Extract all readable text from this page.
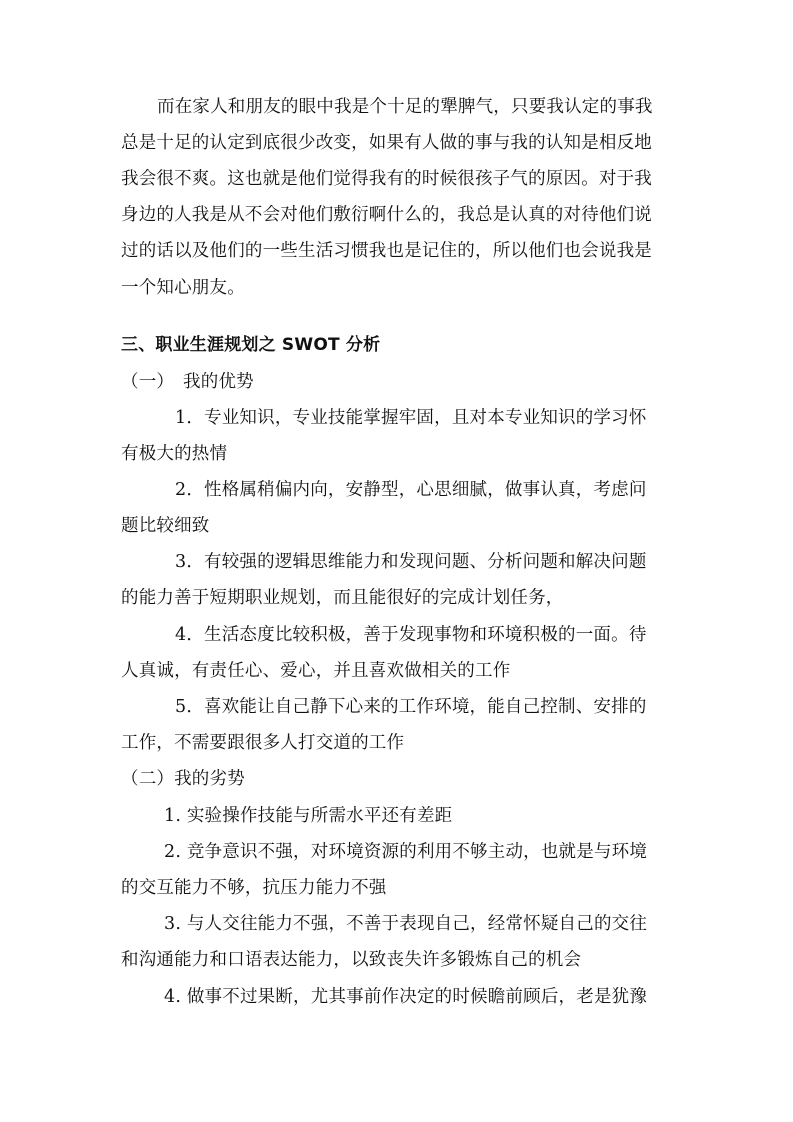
而在家人和朋友的眼中我是个十足的犟脾气，只要我认定的事我
总是十足的认定到底很少改变，如果有人做的事与我的认知是相反地
我会很不爽。这也就是他们觉得我有的时候很孩子气的原因。对于我
身边的人我是从不会对他们敷衍啊什么的，我总是认真的对待他们说
过的话以及他们的一些生活习惯我也是记住的，所以他们也会说我是
一个知心朋友。
三、职业生涯规划之 SWOT 分析
（一）　我的优势
1．专业知识，专业技能掌握牢固，且对本专业知识的学习怀
有极大的热情
2．性格属稍偏内向，安静型，心思细腻，做事认真，考虑问
题比较细致
3．有较强的逻辑思维能力和发现问题、分析问题和解决问题
的能力善于短期职业规划，而且能很好的完成计划任务，
4．生活态度比较积极，善于发现事物和环境积极的一面。待
人真诚，有责任心、爱心，并且喜欢做相关的工作
5．喜欢能让自己静下心来的工作环境，能自己控制、安排的
工作，不需要跟很多人打交道的工作
（二）我的劣势
1. 实验操作技能与所需水平还有差距
2. 竞争意识不强，对环境资源的利用不够主动，也就是与环境
的交互能力不够，抗压力能力不强
3. 与人交往能力不强，不善于表现自己，经常怀疑自己的交往
和沟通能力和口语表达能力，以致丧失许多锻炼自己的机会
4. 做事不过果断，尤其事前作决定的时候瞻前顾后，老是犹豫
